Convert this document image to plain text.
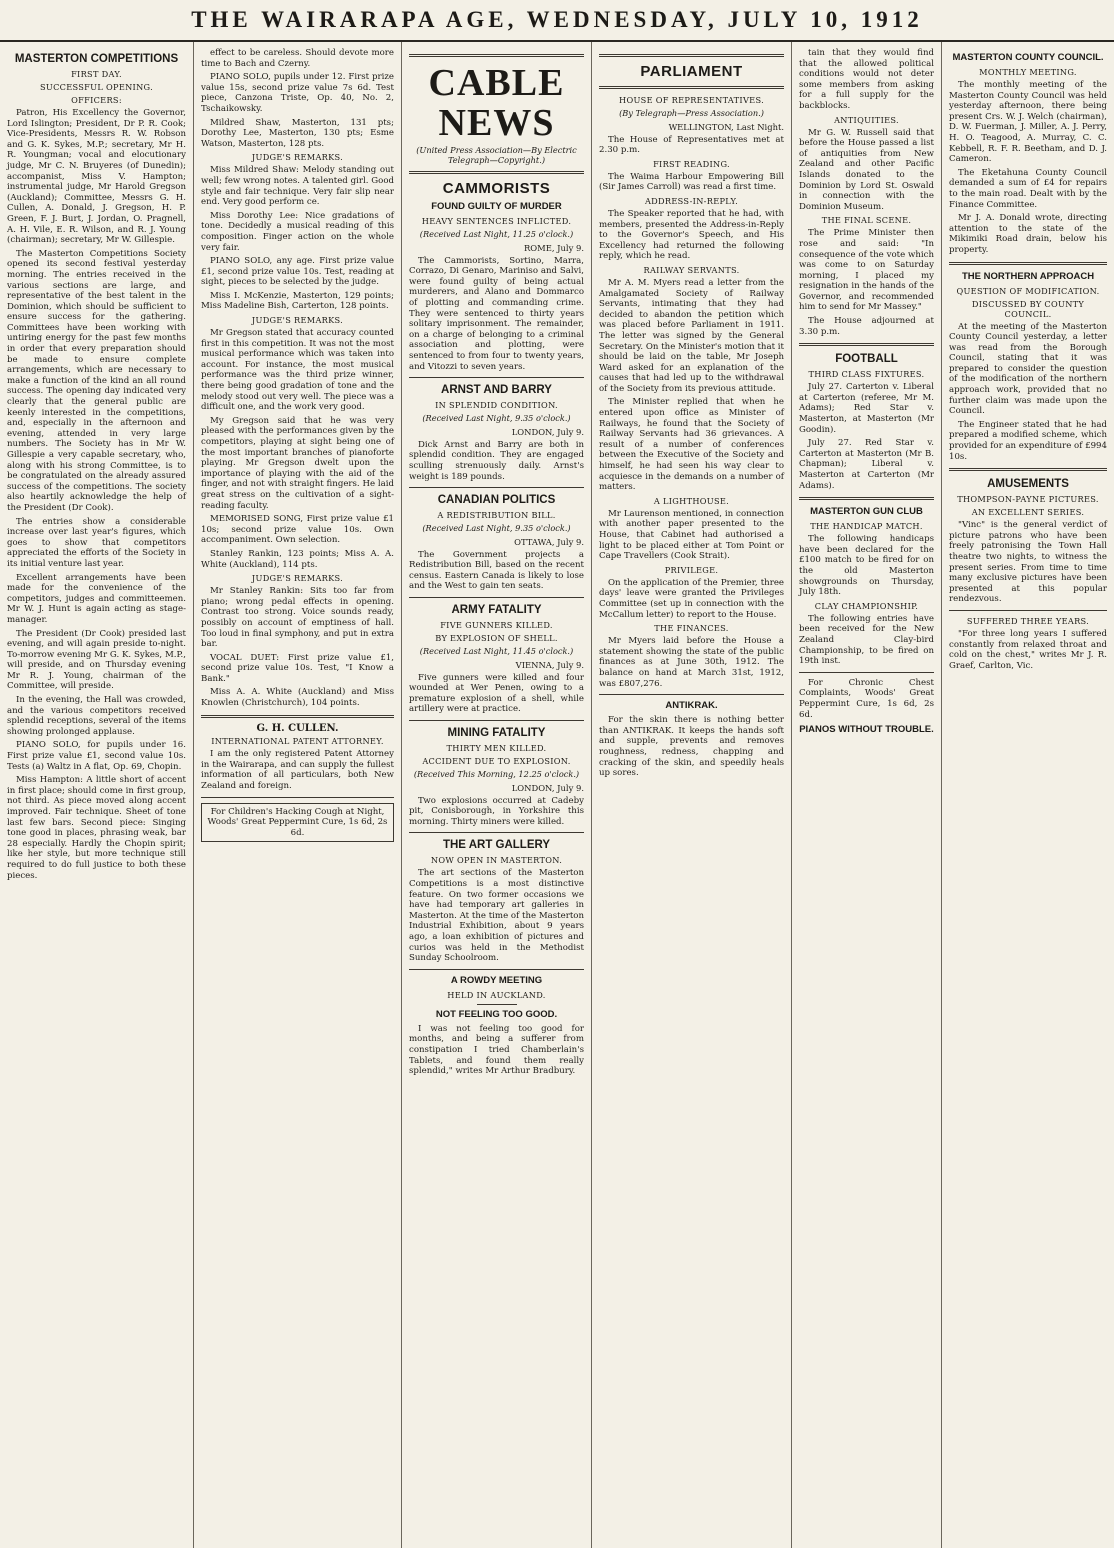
THE WAIRARAPA AGE, WEDNESDAY, JULY 10, 1912
MASTERTON COMPETITIONS
FIRST DAY.
SUCCESSFUL OPENING.
OFFICERS:

Patron, His Excellency the Governor, Lord Islington; President, Dr P. R. Cook; Vice-Presidents, Messrs R. W. Robson and G. K. Sykes, M.P.; secretary, Mr H. R. Youngman; vocal and elocutionary judge, Mr C. N. Bruyeres (of Dunedin); accompanist, Miss V. Hampton; instrumental judge, Mr Harold Gregson (Auckland); Committee, Messrs G. H. Cullen, A. Donald, J. Gregson, H. P. Green, F. J. Burt, J. Jordan, O. Pragnell, A. H. Vile, E. R. Wilson, and R. J. Young (chairman); secretary, Mr W. Gillespie.

The Masterton Competitions Society opened its second festival yesterday morning. The entries received in the various sections are large, and representative of the best talent in the Dominion, which should be sufficient to ensure success for the gathering. Committees have been working with untiring energy for the past few months in order that every preparation should be made to ensure complete arrangements, which are necessary to make a function of the kind an all round success. The opening day indicated very clearly that the general public are keenly interested in the competitions, and, especially in the afternoon and evening, attended in very large numbers. The Society has in Mr W. Gillespie a very capable secretary, who, along with his strong Committee, is to be congratulated on the already assured success of the competitions. The society also heartily acknowledge the help of the President (Dr Cook).

The entries show a considerable increase over last year's figures, which goes to show that competitors appreciated the efforts of the Society in its initial venture last year.

Excellent arrangements have been made for the convenience of the competitors, judges and committeemen. Mr W. J. Hunt is again acting as stage-manager.

The President (Dr Cook) presided last evening, and will again preside to-night. To-morrow evening Mr G. K. Sykes, M.P., will preside, and on Thursday evening Mr R. J. Young, chairman of the Committee, will preside.

In the evening, the Hall was crowded, and the various competitors received splendid receptions, several of the items showing prolonged applause.

PIANO SOLO, for pupils under 16. First prize value £1, second value 10s. Tests (a) Waltz in A flat, Op. 69, Chopin.

Miss Hampton: A little short of accent in first place; should come in first group, not third. As piece moved along accent improved. Fair technique. Sheet of tone last few bars. Second piece: Singing tone good in places, phrasing weak, bar 28 especially. Hardly the Chopin spirit; like her style, but more technique still required to do full justice to both these pieces.

effect to be careless. Should devote more time to Bach and Czerny.

PIANO SOLO, pupils under 12. First prize value 15s, second prize value 7s 6d. Test piece, Canzona Triste, Op. 40, No. 2, Tschaikowsky.

Mildred Shaw, Masterton, 131 pts; Dorothy Lee, Masterton, 130 pts; Esme Watson, Masterton, 128 pts.

JUDGE'S REMARKS.

Miss Mildred Shaw: Melody standing out well; few wrong notes. A talented girl. Good style and fair technique. Very fair slip near end. Very good perform ce.

Miss Dorothy Lee: Nice gradations of tone. Decidedly a musical reading of this composition. Finger action on the whole very fair.

PIANO SOLO, any age. First prize value £1, second prize value 10s. Test, reading at sight, pieces to be selected by the judge.

Miss I. McKenzie, Masterton, 129 points; Miss Madeline Bish, Carterton, 128 points.

JUDGE'S REMARKS.

Mr Gregson stated that accuracy counted first in this competition. It was not the most musical performance which was taken into account. For instance, the most musical performance was the third prize winner, there being good gradation of tone and the melody stood out very well. The piece was a difficult one, and the work very good.

My Gregson said that he was very pleased with the performances given by the competitors, playing at sight being one of the most important branches of pianoforte playing. Mr Gregson dwelt upon the importance of playing with the aid of the finger, and not with straight fingers. He laid great stress on the cultivation of a sight-reading faculty.

MEMORISED SONG, First prize value £1 10s; second prize value 10s. Own accompaniment. Own selection.

Stanley Rankin, 123 points; Miss A. A. White (Auckland), 114 pts.

JUDGE'S REMARKS.

Mr Stanley Rankin: Sits too far from piano; wrong pedal effects in opening. Contrast too strong. Voice sounds ready, possibly on account of emptiness of hall. Too loud in final symphony, and put in extra bar.

VOCAL DUET: First prize value £1, second prize value 10s. Test, "I Know a Bank."

Miss A. A. White (Auckland) and Miss Knowlen (Christchurch), 104 points.

G. H. CULLEN.
INTERNATIONAL PATENT ATTORNEY.

I am the only registered Patent Attorney in the Wairarapa, and can supply the fullest information of all particulars, both New Zealand and foreign.

For Children's Hacking Cough at Night, Woods' Great Peppermint Cure, 1s 6d, 2s 6d.
CABLE NEWS
(United Press Association—By Electric Telegraph—Copyright.)
CAMMORISTS
FOUND GUILTY OF MURDER
HEAVY SENTENCES INFLICTED.
(Received Last Night, 11.25 o'clock.)
ROME, July 9.

The Cammorists, Sortino, Marra, Corrazo, Di Genaro, Mariniso and Salvi, were found guilty of being actual murderers, and Alano and Dommarco of plotting and commanding crime. They were sentenced to thirty years solitary imprisonment. The remainder, on a charge of belonging to a criminal association and plotting, were sentenced to from four to twenty years, and Vitozzi to seven years.

ARNST AND BARRY
IN SPLENDID CONDITION.
(Received Last Night, 9.35 o'clock.)
LONDON, July 9.

Dick Arnst and Barry are both in splendid condition. They are engaged sculling strenuously daily. Arnst's weight is 189 pounds.

CANADIAN POLITICS
A REDISTRIBUTION BILL.
(Received Last Night, 9.35 o'clock.)
OTTAWA, July 9.

The Government projects a Redistribution Bill, based on the recent census. Eastern Canada is likely to lose and the West to gain ten seats.

ARMY FATALITY
FIVE GUNNERS KILLED.
BY EXPLOSION OF SHELL.
(Received Last Night, 11.45 o'clock.)
VIENNA, July 9.

Five gunners were killed and four wounded at Wer Penen, owing to a premature explosion of a shell, while artillery were at practice.

MINING FATALITY
THIRTY MEN KILLED.
ACCIDENT DUE TO EXPLOSION.
(Received This Morning, 12.25 o'clock.)
LONDON, July 9.

Two explosions occurred at Cadeby pit, Conisborough, in Yorkshire this morning. Thirty miners were killed.

THE ART GALLERY
NOW OPEN IN MASTERTON.

The art sections of the Masterton Competitions is a most distinctive feature. On two former occasions we have had temporary art galleries in Masterton. At the time of the Masterton Industrial Exhibition, about 9 years ago, a loan exhibition of pictures and curios was held in the Methodist Sunday Schoolroom.

A ROWDY MEETING
HELD IN AUCKLAND.
NOT FEELING TOO GOOD.

I was not feeling too good for months, and being a sufferer from constipation I tried Chamberlain's Tablets, and found them really splendid," writes Mr Arthur Bradbury.

PARLIAMENT
HOUSE OF REPRESENTATIVES.
(By Telegraph—Press Association.)
WELLINGTON, Last Night.

The House of Representatives met at 2.30 p.m.

FIRST READING.

The Waima Harbour Empowering Bill (Sir James Carroll) was read a first time.

ADDRESS-IN-REPLY.

The Speaker reported that he had, with members, presented the Address-in-Reply to the Governor's Speech, and His Excellency had returned the following reply, which he read.

RAILWAY SERVANTS.

Mr A. M. Myers read a letter from the Amalgamated Society of Railway Servants, intimating that they had decided to abandon the petition which was placed before Parliament in 1911. The letter was signed by the General Secretary. On the Minister's motion that it should be laid on the table, Mr Joseph Ward asked for an explanation of the causes that had led up to the withdrawal of the Society from its previous attitude.

The Minister replied that when he entered upon office as Minister of Railways, he found that the Society of Railway Servants had 36 grievances. A result of a number of conferences between the Executive of the Society and himself, he had seen his way clear to acquiesce in the demands on a number of matters.

A LIGHTHOUSE.

Mr Laurenson mentioned, in connection with another paper presented to the House, that Cabinet had authorised a light to be placed either at Tom Point or Cape Travellers (Cook Strait).

PRIVILEGE.

On the application of the Premier, three days' leave were granted the Privileges Committee (set up in connection with the McCallum letter) to report to the House.

THE FINANCES.

Mr Myers laid before the House a statement showing the state of the public finances as at June 30th, 1912. The balance on hand at March 31st, 1912, was £807,276.

ANTIKRAK.

For the skin there is nothing better than ANTIKRAK. It keeps the hands soft and supple, prevents and removes roughness, redness, chapping and cracking of the skin, and speedily heals up sores.

tain that they would find that the allowed political conditions would not deter some members from asking for a full supply for the backblocks.

ANTIQUITIES.

Mr G. W. Russell said that before the House passed a list of antiquities from New Zealand and other Pacific Islands donated to the Dominion by Lord St. Oswald in connection with the Dominion Museum.

THE FINAL SCENE.

The Prime Minister then rose and said: "In consequence of the vote which was come to on Saturday morning, I placed my resignation in the hands of the Governor, and recommended him to send for Mr Massey."

The House adjourned at 3.30 p.m.

FOOTBALL
THIRD CLASS FIXTURES.

July 27. Carterton v. Liberal at Carterton (referee, Mr M. Adams); Red Star v. Masterton, at Masterton (Mr Goodin).

July 27. Red Star v. Carterton at Masterton (Mr B. Chapman); Liberal v. Masterton at Carterton (Mr Adams).

MASTERTON GUN CLUB
THE HANDICAP MATCH.

The following handicaps have been declared for the £100 match to be fired for on the old Masterton showgrounds on Thursday, July 18th.

CLAY CHAMPIONSHIP.

The following entries have been received for the New Zealand Clay-bird Championship, to be fired on 19th inst.

For Chronic Chest Complaints, Woods' Great Peppermint Cure, 1s 6d, 2s 6d.

PIANOS WITHOUT TROUBLE.
MASTERTON COUNTY COUNCIL.
MONTHLY MEETING.

The monthly meeting of the Masterton County Council was held yesterday afternoon, there being present Crs. W. J. Welch (chairman), D. W. Fuerman, J. Miller, A. J. Perry, H. O. Teagood, A. Murray, C. C. Kebbell, R. F. R. Beetham, and D. J. Cameron.

The Eketahuna County Council demanded a sum of £4 for repairs to the main road. Dealt with by the Finance Committee.

Mr J. A. Donald wrote, directing attention to the state of the Mikimiki Road drain, below his property.

THE NORTHERN APPROACH
QUESTION OF MODIFICATION.
DISCUSSED BY COUNTY COUNCIL.

At the meeting of the Masterton County Council yesterday, a letter was read from the Borough Council, stating that it was prepared to consider the question of the modification of the northern approach work, provided that no further claim was made upon the Council.

The Engineer stated that he had prepared a modified scheme, which provided for an expenditure of £994 10s.

AMUSEMENTS
THOMPSON-PAYNE PICTURES.
AN EXCELLENT SERIES.

"Vinc" is the general verdict of picture patrons who have been freely patronising the Town Hall theatre two nights, to witness the present series. From time to time many exclusive pictures have been presented at this popular rendezvous.

SUFFERED THREE YEARS.

"For three long years I suffered constantly from relaxed throat and cold on the chest," writes Mr J. R. Graef, Carlton, Vic.
